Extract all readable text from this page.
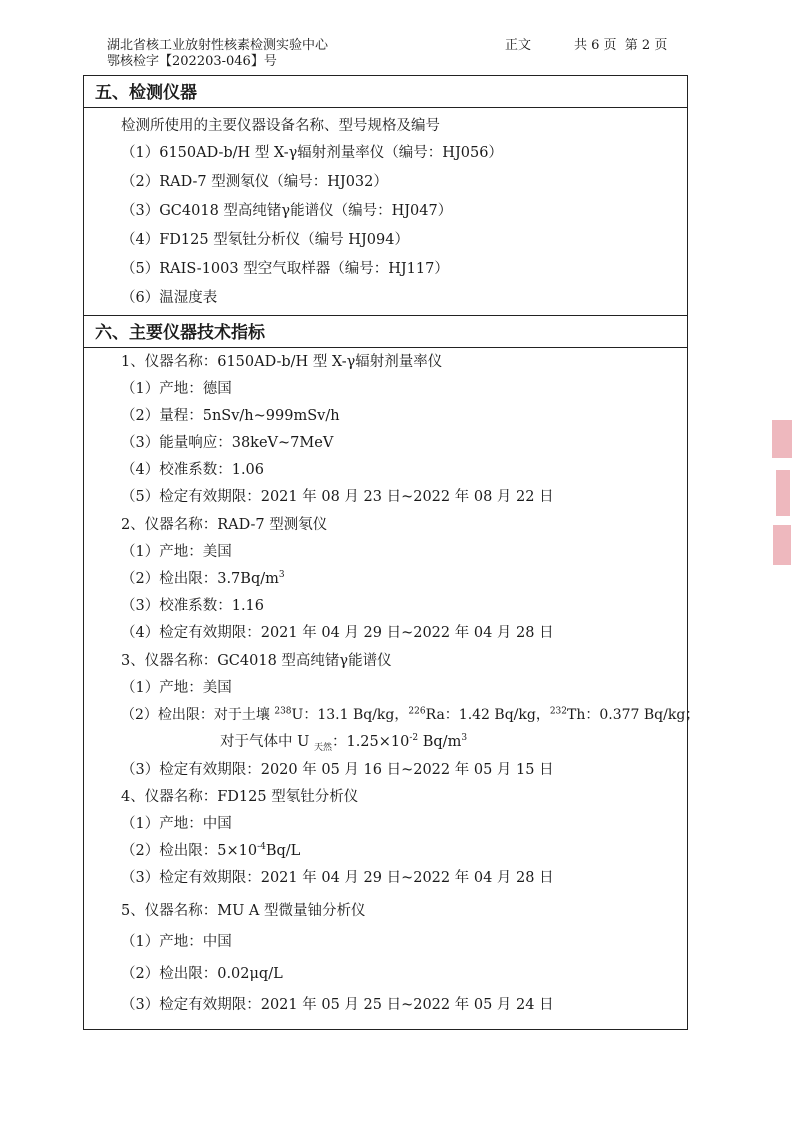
湖北省核工业放射性核素检测实验中心
鄂核检字【202203-046】号
正文	共 6 页  第 2 页
五、检测仪器
检测所使用的主要仪器设备名称、型号规格及编号
（1）6150AD-b/H 型 X-γ辐射剂量率仪（编号：HJ056）
（2）RAD-7 型测氡仪（编号：HJ032）
（3）GC4018 型高纯锗γ能谱仪（编号：HJ047）
（4）FD125 型氡钍分析仪（编号 HJ094）
（5）RAIS-1003 型空气取样器（编号：HJ117）
（6）温湿度表
六、主要仪器技术指标
1、仪器名称：6150AD-b/H 型 X-γ辐射剂量率仪
（1）产地：德国
（2）量程：5nSv/h~999mSv/h
（3）能量响应：38keV~7MeV
（4）校准系数：1.06
（5）检定有效期限：2021 年 08 月 23 日~2022 年 08 月 22 日
2、仪器名称：RAD-7 型测氡仪
（1）产地：美国
（2）检出限：$3.7Bq/m^3$
（3）校准系数：1.16
（4）检定有效期限：2021 年 04 月 29 日~2022 年 04 月 28 日
3、仪器名称：GC4018 型高纯锗γ能谱仪
（1）产地：美国
（2）检出限：对于土壤 $^{238}$U：13.1 Bq/kg，$^{226}$Ra：1.42 Bq/kg，$^{232}$Th：0.377 Bq/kg；
对于气体中 U $_{天然}$：$1.25\times 10^{-2}$ $Bq/m^3$
（3）检定有效期限：2020 年 05 月 16 日~2022 年 05 月 15 日
4、仪器名称：FD125 型氡钍分析仪
（1）产地：中国
（2）检出限：$5\times 10^{-4}Bq/L$
（3）检定有效期限：2021 年 04 月 29 日~2022 年 04 月 28 日
5、仪器名称：MU A 型微量铀分析仪
（1）产地：中国
（2）检出限：0.02μq/L
（3）检定有效期限：2021 年 05 月 25 日~2022 年 05 月 24 日
